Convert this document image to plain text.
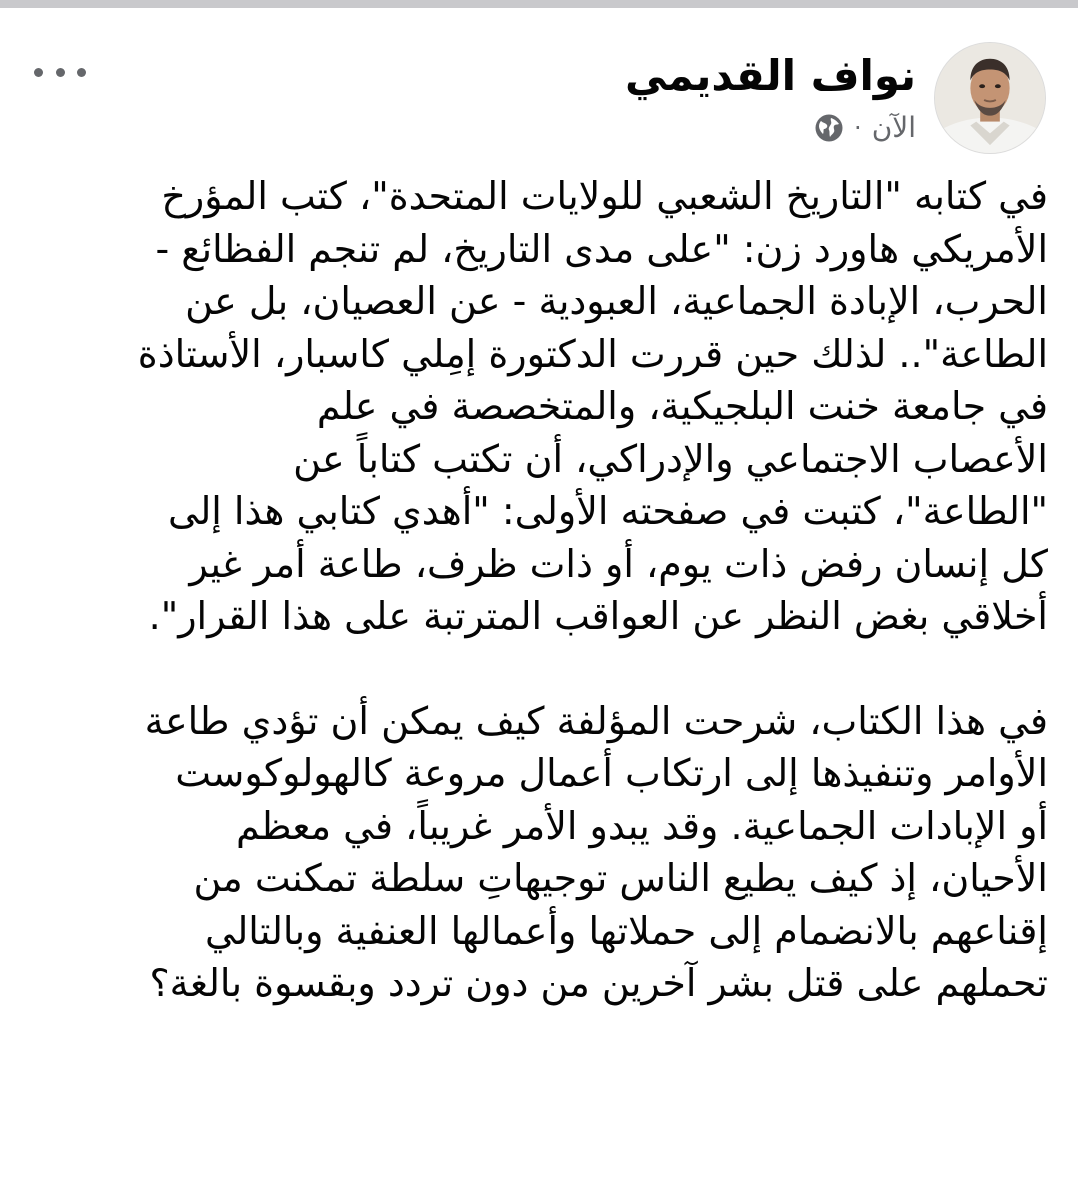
نواف القديمي
الآن
·

في كتابه "التاريخ الشعبي للولايات المتحدة"، كتب المؤرخ
الأمريكي هاورد زن: "على مدى التاريخ، لم تنجم الفظائع -
الحرب، الإبادة الجماعية، العبودية - عن العصيان، بل عن
الطاعة".. لذلك حين قررت الدكتورة إمِلي كاسبار، الأستاذة
في جامعة خنت البلجيكية، والمتخصصة في علم
الأعصاب الاجتماعي والإدراكي، أن تكتب كتاباً عن
"الطاعة"، كتبت في صفحته الأولى: "أهدي كتابي هذا إلى
كل إنسان رفض ذات يوم، أو ذات ظرف، طاعة أمر غير
أخلاقي بغض النظر عن العواقب المترتبة على هذا القرار".

في هذا الكتاب، شرحت المؤلفة كيف يمكن أن تؤدي طاعة
الأوامر وتنفيذها إلى ارتكاب أعمال مروعة كالهولوكوست
أو الإبادات الجماعية. وقد يبدو الأمر غريباً، في معظم
الأحيان، إذ كيف يطيع الناس توجيهاتِ سلطة تمكنت من
إقناعهم بالانضمام إلى حملاتها وأعمالها العنفية وبالتالي
تحملهم على قتل بشر آخرين من دون تردد وبقسوة بالغة؟
